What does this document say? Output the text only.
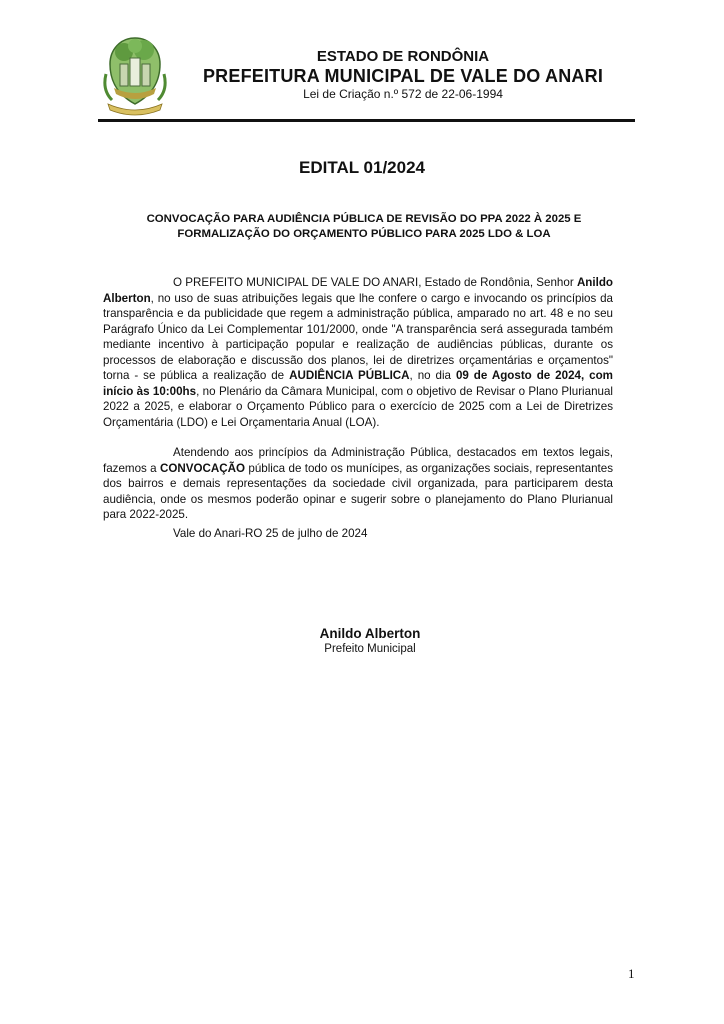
ESTADO DE RONDÔNIA
PREFEITURA MUNICIPAL DE VALE DO ANARI
Lei de Criação n.º 572 de 22-06-1994
EDITAL 01/2024
CONVOCAÇÃO PARA AUDIÊNCIA PÚBLICA DE REVISÃO DO PPA 2022 À 2025 E FORMALIZAÇÃO DO ORÇAMENTO PÚBLICO PARA 2025 LDO & LOA

O PREFEITO MUNICIPAL DE VALE DO ANARI, Estado de Rondônia, Senhor Anildo Alberton, no uso de suas atribuições legais que lhe confere o cargo e invocando os princípios da transparência e da publicidade que regem a administração pública, amparado no art. 48 e no seu Parágrafo Único da Lei Complementar 101/2000, onde "A transparência será assegurada também mediante incentivo à participação popular e realização de audiências públicas, durante os processos de elaboração e discussão dos planos, lei de diretrizes orçamentárias e orçamentos" torna - se pública a realização de AUDIÊNCIA PÚBLICA, no dia 09 de Agosto de 2024, com início às 10:00hs, no Plenário da Câmara Municipal, com o objetivo de Revisar o Plano Plurianual 2022 a 2025, e elaborar o Orçamento Público para o exercício de 2025 com a Lei de Diretrizes Orçamentária (LDO) e Lei Orçamentaria Anual (LOA).

Atendendo aos princípios da Administração Pública, destacados em textos legais, fazemos a CONVOCAÇÃO pública de todo os munícipes, as organizações sociais, representantes dos bairros e demais representações da sociedade civil organizada, para participarem desta audiência, onde os mesmos poderão opinar e sugerir sobre o planejamento do Plano Plurianual para 2022-2025.

Vale do Anari-RO 25 de julho de 2024
Anildo Alberton
Prefeito Municipal
1
